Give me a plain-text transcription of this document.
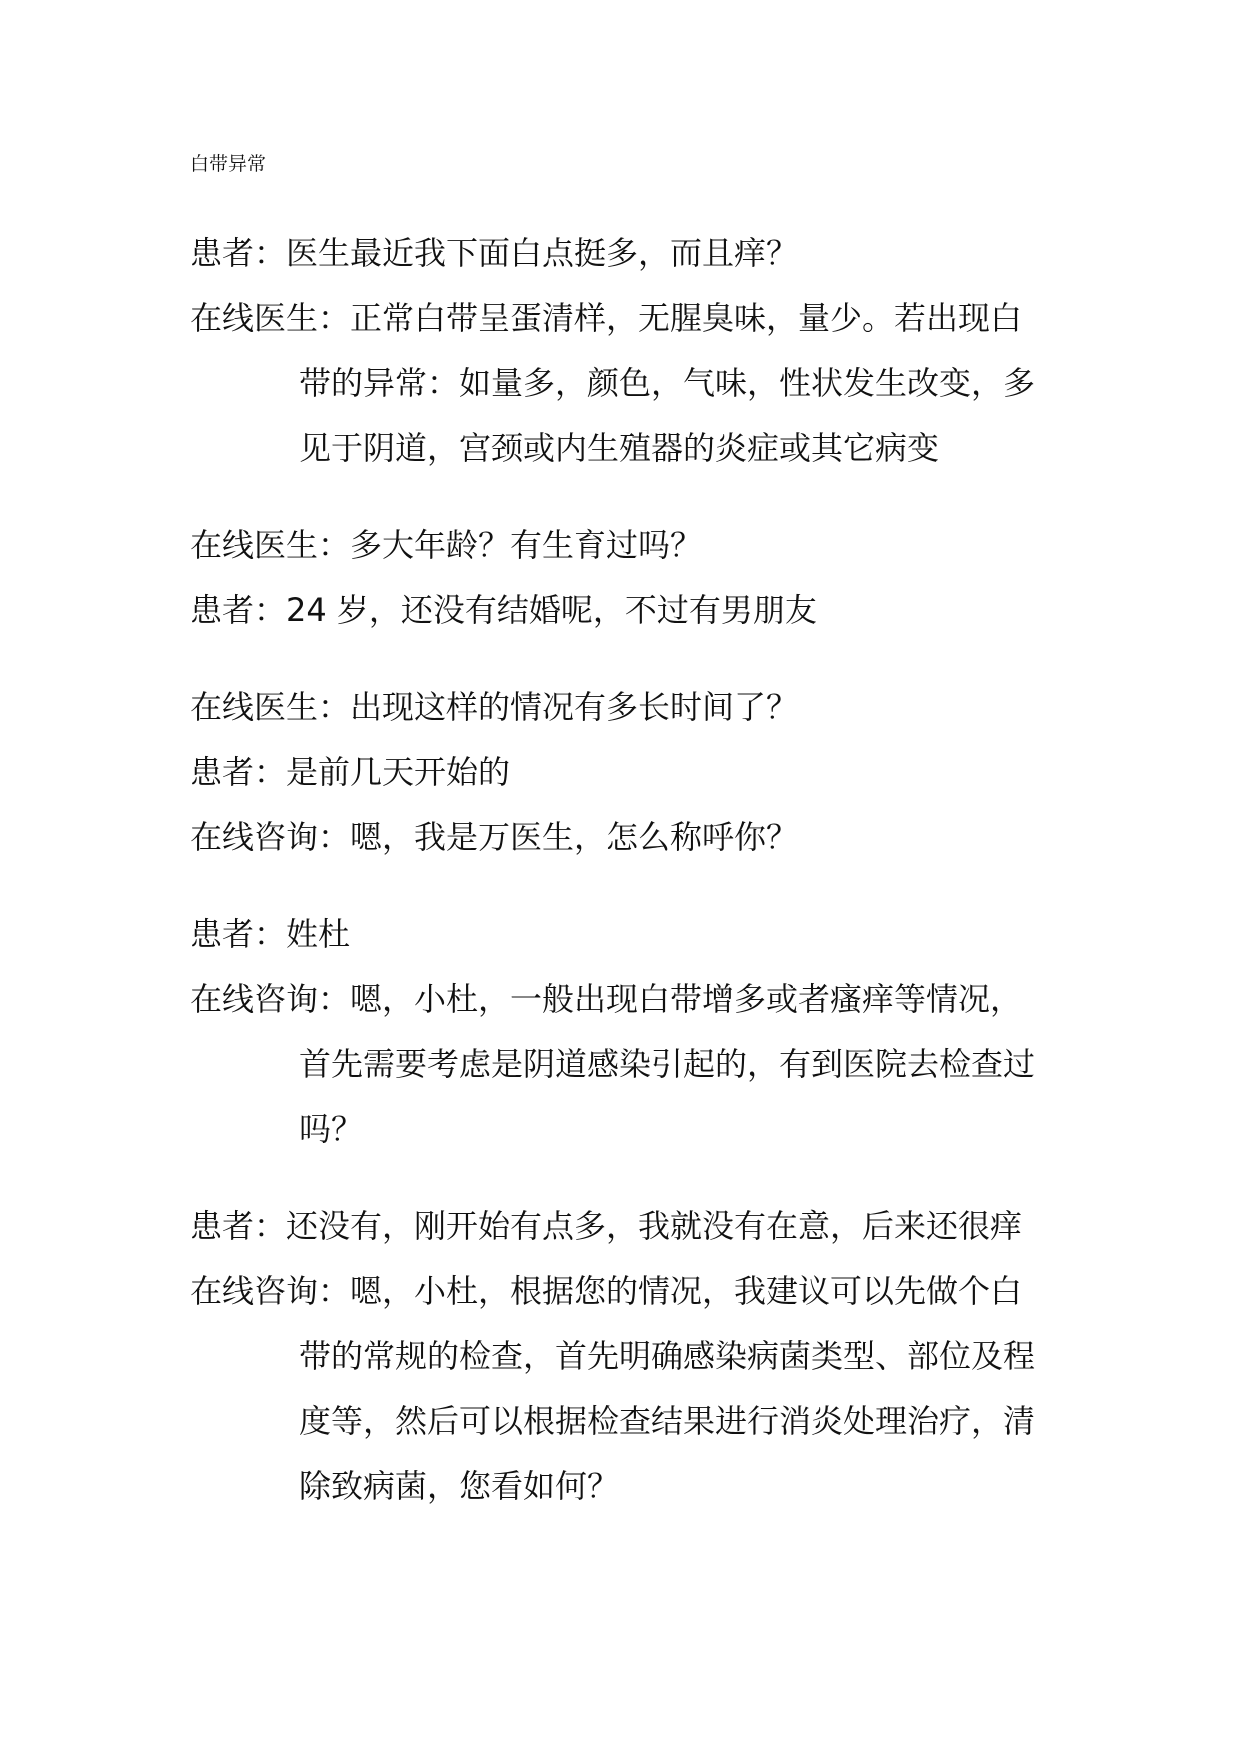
白带异常
患者：医生最近我下面白点挺多，而且痒？
在线医生：正常白带呈蛋清样，无腥臭味，量少。若出现白
带的异常：如量多，颜色，气味，性状发生改变，多
见于阴道，宫颈或内生殖器的炎症或其它病变
在线医生：多大年龄？有生育过吗？
患者：24 岁，还没有结婚呢，不过有男朋友
在线医生：出现这样的情况有多长时间了？
患者：是前几天开始的
在线咨询：嗯，我是万医生，怎么称呼你？
患者：姓杜
在线咨询：嗯，小杜，一般出现白带增多或者瘙痒等情况，
首先需要考虑是阴道感染引起的，有到医院去检查过
吗？
患者：还没有，刚开始有点多，我就没有在意，后来还很痒
在线咨询：嗯，小杜，根据您的情况，我建议可以先做个白
带的常规的检查，首先明确感染病菌类型、部位及程
度等，然后可以根据检查结果进行消炎处理治疗，清
除致病菌，您看如何？
